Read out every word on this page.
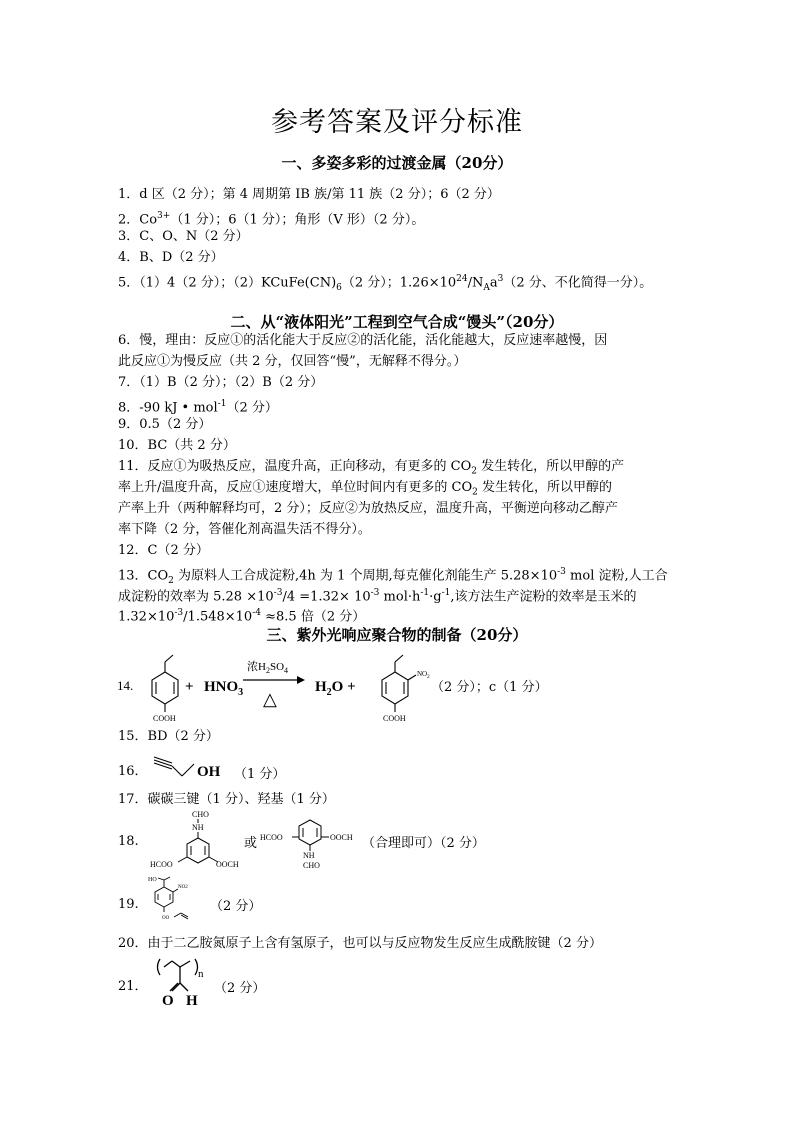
参考答案及评分标准
一、多姿多彩的过渡金属（20分）
1．d 区（2 分）；第 4 周期第 IB 族/第 11 族（2 分）；6（2 分）
2．$Co^{3+}(1$ 分）；6（1 分）；角形（V 形）（2 分）。
3．C、O、N（2 分）
4．B、D（2 分）
5．（1）4（2 分）；$(2)KCuFe(CN)_6(2$ 分）；$1.26\times 10^{24}/N_Aa^3(2$ 分、不化简得一分）。
二、从“液体阳光”工程到空气合成“馒头”（20分）
6．慢，理由：反应①的活化能大于反应②的活化能，活化能越大，反应速率越慢，因
此反应①为慢反应（共 2 分，仅回答“慢”，无解释不得分。）
7．（1）B（2 分）；（2）B（2 分）
8．-90 kJ • mol$^{-1}$（2 分）
9．0.5（2 分）
10．BC（共 2 分）
11．反应①为吸热反应，温度升高，正向移动，有更多的 $CO_2$ 发生转化，所以甲醇的产
率上升/温度升高，反应①速度增大，单位时间内有更多的 $CO_2$ 发生转化，所以甲醇的
产率上升（两种解释均可，2 分）；反应②为放热反应，温度升高，平衡逆向移动乙醇产
率下降（2 分，答催化剂高温失活不得分）。
12．C（2 分）
13．$CO_2$ 为原料人工合成淀粉,4h 为 1 个周期,每克催化剂能生产 $5.28\times 10^{-3}$ mol 淀粉,人工合
成淀粉的效率为 $5.28 \times 10^{-3}/4 =1.32\times 10^{-3}$ $mol\cdot h^{-1}\cdot g^{-1}$,该方法生产淀粉的效率是玉米的
$1.32\times 10^{-3}/1.548\times 10^{-4} \approx 8.5$ 倍（2 分）
三、紫外光响应聚合物的制备（20分）
14.
COOH
+ $HNO_3$
浓$H_2SO_4$
△
$H_2O$ +
$NO_2$
COOH
（2 分）；c（1 分）
15．BD（2 分）
16．	OH （1 分）
17．碳碳三键（1 分）、羟基（1 分）
18.
CHO
NH
HCOO	OOCH
或 HCOO	OOCH
NH
CHO
（合理即可）（2 分）
19.
HO
NO2
OO
（2 分）
20．由于二乙胺氮原子上含有氢原子，也可以与反应物发生反应生成酰胺键（2 分）
21．
n
O H
（2 分）
